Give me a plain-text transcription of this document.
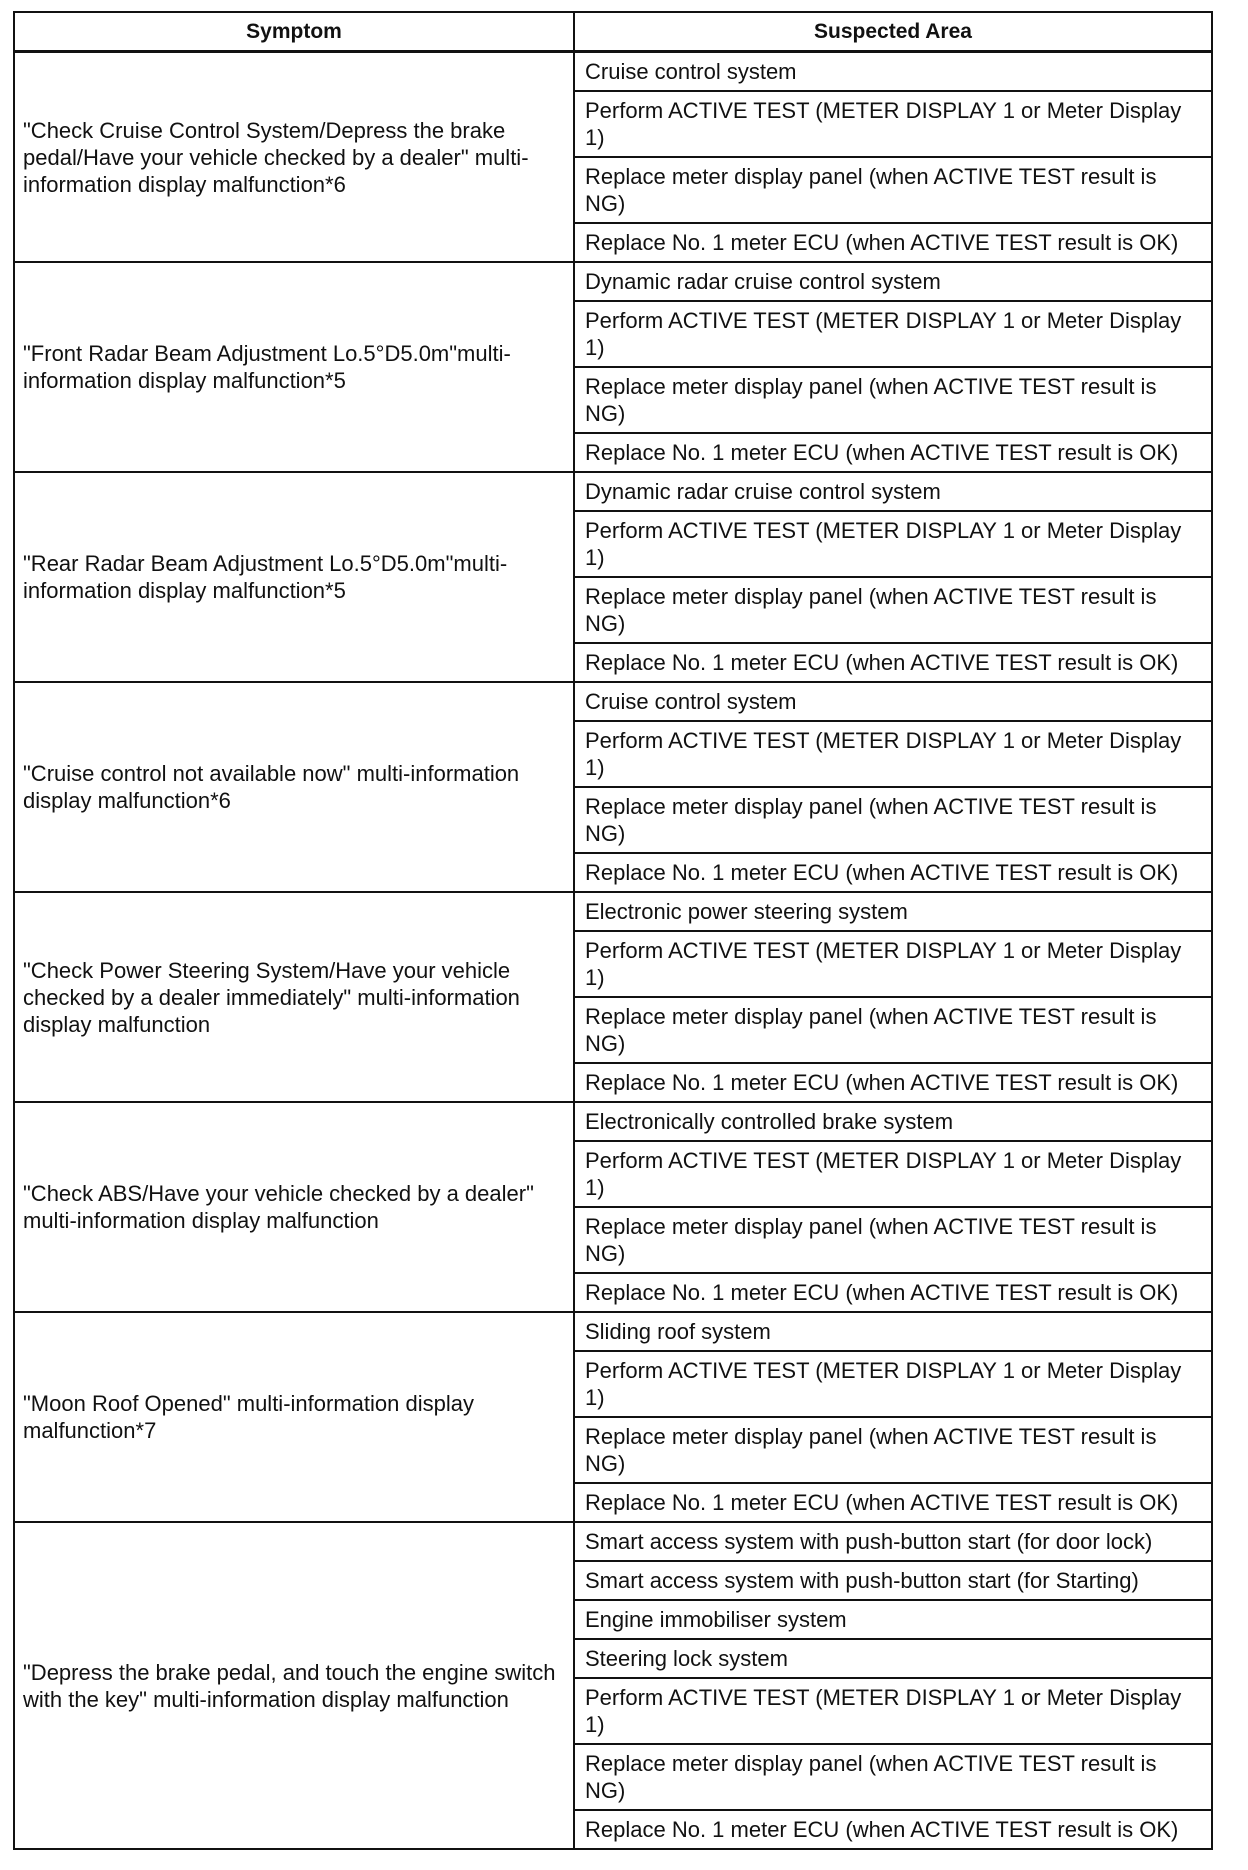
Symptom	Suspected Area
"Check Cruise Control System/Depress the brake pedal/Have your vehicle checked by a dealer" multi-information display malfunction*6	Cruise control system
	Perform ACTIVE TEST (METER DISPLAY 1 or Meter Display 1)
	Replace meter display panel (when ACTIVE TEST result is NG)
	Replace No. 1 meter ECU (when ACTIVE TEST result is OK)
"Front Radar Beam Adjustment Lo.5°D5.0m"multi-information display malfunction*5	Dynamic radar cruise control system
	Perform ACTIVE TEST (METER DISPLAY 1 or Meter Display 1)
	Replace meter display panel (when ACTIVE TEST result is NG)
	Replace No. 1 meter ECU (when ACTIVE TEST result is OK)
"Rear Radar Beam Adjustment Lo.5°D5.0m"multi-information display malfunction*5	Dynamic radar cruise control system
	Perform ACTIVE TEST (METER DISPLAY 1 or Meter Display 1)
	Replace meter display panel (when ACTIVE TEST result is NG)
	Replace No. 1 meter ECU (when ACTIVE TEST result is OK)
"Cruise control not available now" multi-information display malfunction*6	Cruise control system
	Perform ACTIVE TEST (METER DISPLAY 1 or Meter Display 1)
	Replace meter display panel (when ACTIVE TEST result is NG)
	Replace No. 1 meter ECU (when ACTIVE TEST result is OK)
"Check Power Steering System/Have your vehicle checked by a dealer immediately" multi-information display malfunction	Electronic power steering system
	Perform ACTIVE TEST (METER DISPLAY 1 or Meter Display 1)
	Replace meter display panel (when ACTIVE TEST result is NG)
	Replace No. 1 meter ECU (when ACTIVE TEST result is OK)
"Check ABS/Have your vehicle checked by a dealer" multi-information display malfunction	Electronically controlled brake system
	Perform ACTIVE TEST (METER DISPLAY 1 or Meter Display 1)
	Replace meter display panel (when ACTIVE TEST result is NG)
	Replace No. 1 meter ECU (when ACTIVE TEST result is OK)
"Moon Roof Opened" multi-information display malfunction*7	Sliding roof system
	Perform ACTIVE TEST (METER DISPLAY 1 or Meter Display 1)
	Replace meter display panel (when ACTIVE TEST result is NG)
	Replace No. 1 meter ECU (when ACTIVE TEST result is OK)
"Depress the brake pedal, and touch the engine switch with the key" multi-information display malfunction	Smart access system with push-button start (for door lock)
	Smart access system with push-button start (for Starting)
	Engine immobiliser system
	Steering lock system
	Perform ACTIVE TEST (METER DISPLAY 1 or Meter Display 1)
	Replace meter display panel (when ACTIVE TEST result is NG)
	Replace No. 1 meter ECU (when ACTIVE TEST result is OK)
